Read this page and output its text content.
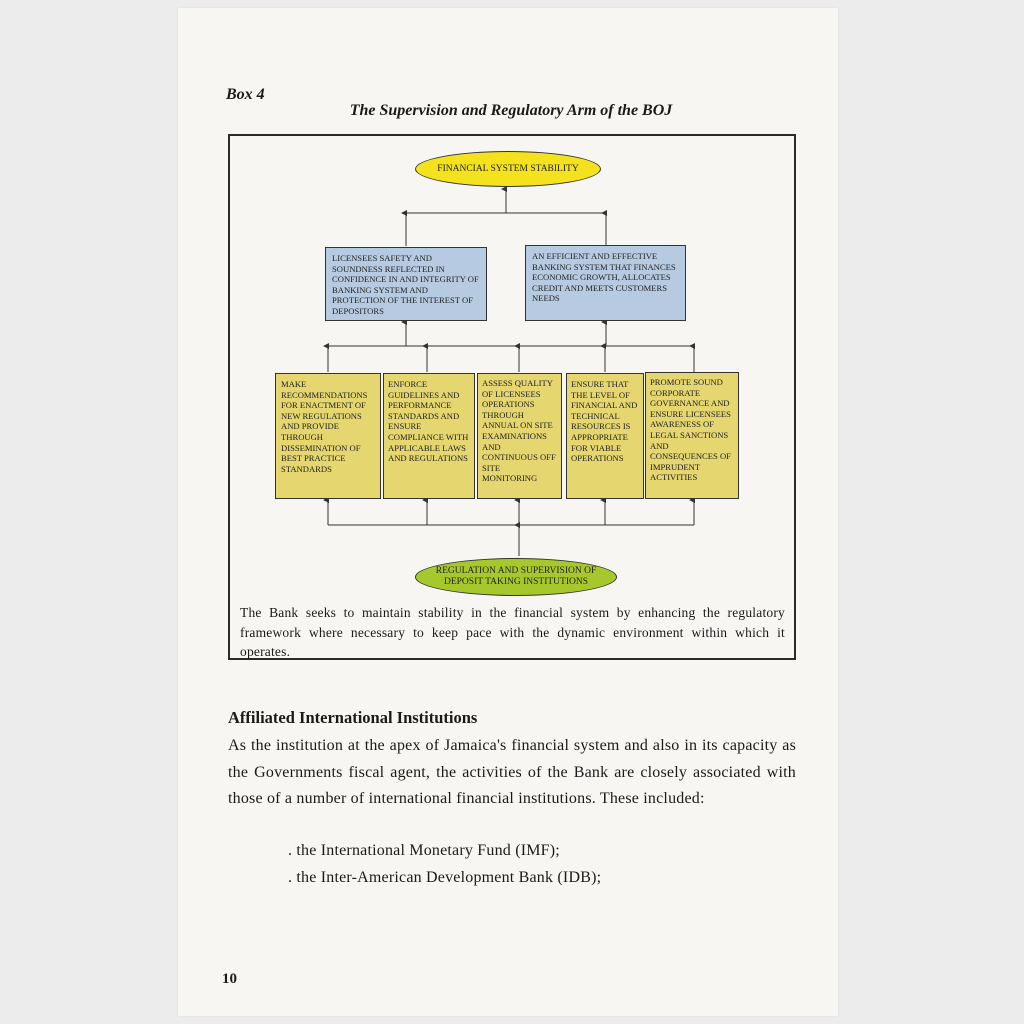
Box 4
The Supervision and Regulatory Arm of the BOJ
FINANCIAL SYSTEM STABILITY
LICENSEES SAFETY AND SOUNDNESS REFLECTED IN CONFIDENCE IN AND INTEGRITY OF BANKING SYSTEM AND PROTECTION OF THE INTEREST OF DEPOSITORS
AN EFFICIENT AND EFFECTIVE BANKING SYSTEM THAT FINANCES ECONOMIC GROWTH, ALLOCATES CREDIT AND MEETS CUSTOMERS NEEDS
MAKE RECOMMENDATIONS FOR ENACTMENT OF NEW REGULATIONS AND PROVIDE THROUGH DISSEMINATION OF BEST PRACTICE STANDARDS
ENFORCE GUIDELINES AND PERFORMANCE STANDARDS AND ENSURE COMPLIANCE WITH APPLICABLE LAWS AND REGULATIONS
ASSESS QUALITY OF LICENSEES OPERATIONS THROUGH ANNUAL ON SITE EXAMINATIONS AND CONTINUOUS OFF SITE MONITORING
ENSURE THAT THE LEVEL OF FINANCIAL AND TECHNICAL RESOURCES IS APPROPRIATE FOR VIABLE OPERATIONS
PROMOTE SOUND CORPORATE GOVERNANCE AND ENSURE LICENSEES AWARENESS OF LEGAL SANCTIONS AND CONSEQUENCES OF IMPRUDENT ACTIVITIES
REGULATION AND SUPERVISION OF DEPOSIT TAKING INSTITUTIONS
The Bank seeks to maintain stability in the financial system by enhancing the regulatory framework where necessary to keep pace with the dynamic environment within which it operates.
Affiliated International Institutions
As the institution at the apex of Jamaica's financial system and also in its capacity as the Governments fiscal agent, the activities of the Bank are closely associated with those of a number of international financial institutions. These included:
. the International Monetary Fund (IMF);
. the Inter-American Development Bank (IDB);
10
